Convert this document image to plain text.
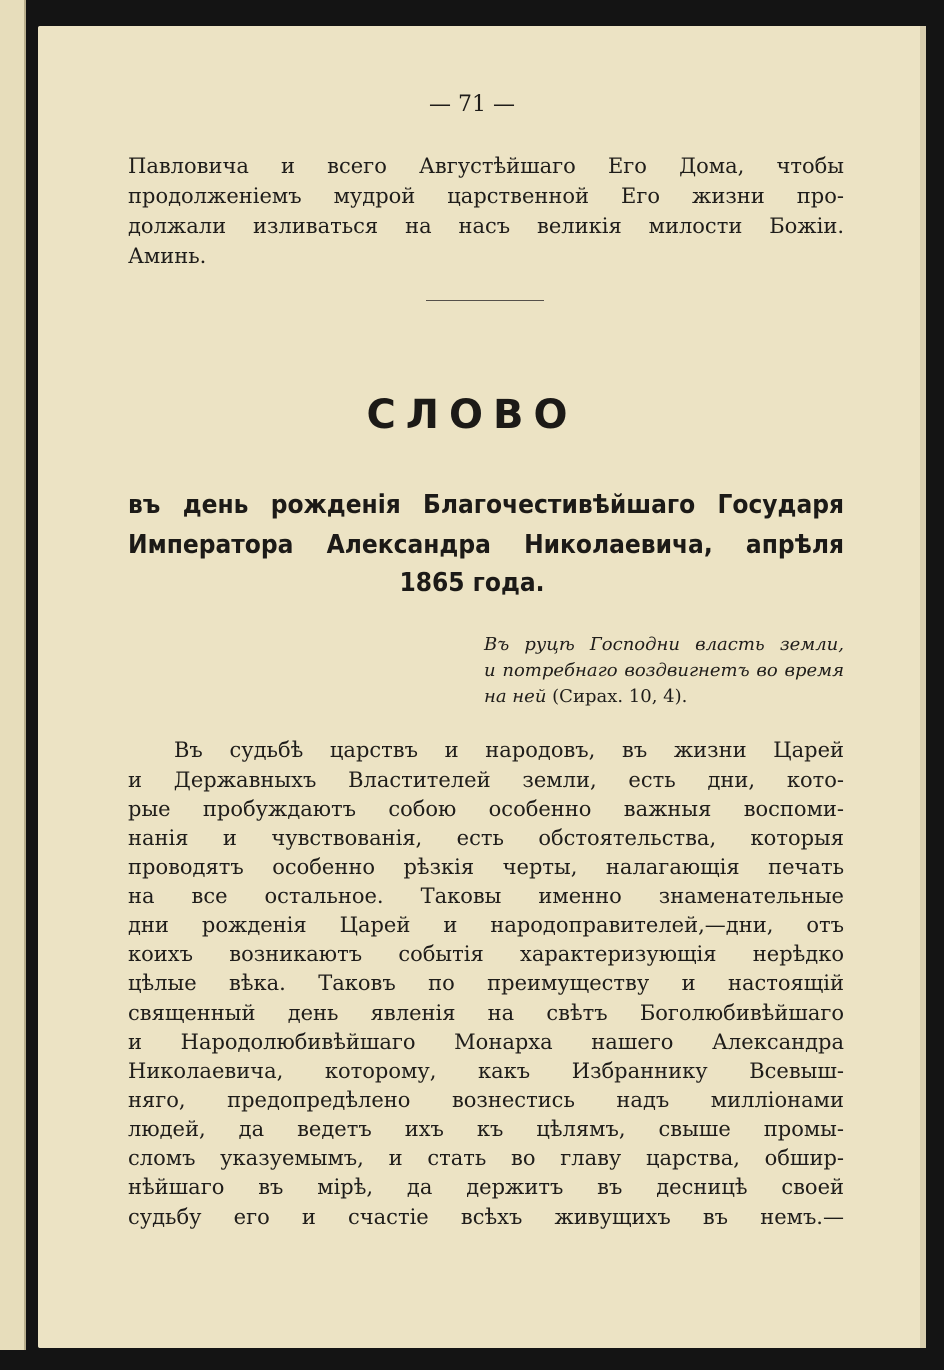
— 71 —
Павловича и всего Августѣйшаго Его Дома, чтобы
продолженіемъ мудрой царственной Его жизни про-
должали изливаться на насъ великія милости Божіи.
Аминь.
СЛОВО
въ день рожденія Благочестивѣйшаго Государя
Императора Александра Николаевича, апрѣля
1865 года.
Въ руцѣ Господни власть земли,
и потребнаго воздвигнетъ во время
на ней (Сирах. 10, 4).
Въ судьбѣ царствъ и народовъ, въ жизни Царей
и Державныхъ Властителей земли, есть дни, кото-
рые пробуждаютъ собою особенно важныя воспоми-
нанія и чувствованія, есть обстоятельства, которыя
проводятъ особенно рѣзкія черты, налагающія печать
на все остальное. Таковы именно знаменательные
дни рожденія Царей и народоправителей,—дни, отъ
коихъ возникаютъ событія характеризующія нерѣдко
цѣлые вѣка. Таковъ по преимуществу и настоящій
священный день явленія на свѣтъ Боголюбивѣйшаго
и Народолюбивѣйшаго Монарха нашего Александра
Николаевича, которому, какъ Избраннику Всевыш-
няго, предопредѣлено вознестись надъ милліонами
людей, да ведетъ ихъ къ цѣлямъ, свыше промы-
сломъ указуемымъ, и стать во главу царства, обшир-
нѣйшаго въ мірѣ, да держитъ въ десницѣ своей
судьбу его и счастіе всѣхъ живущихъ въ немъ.—
